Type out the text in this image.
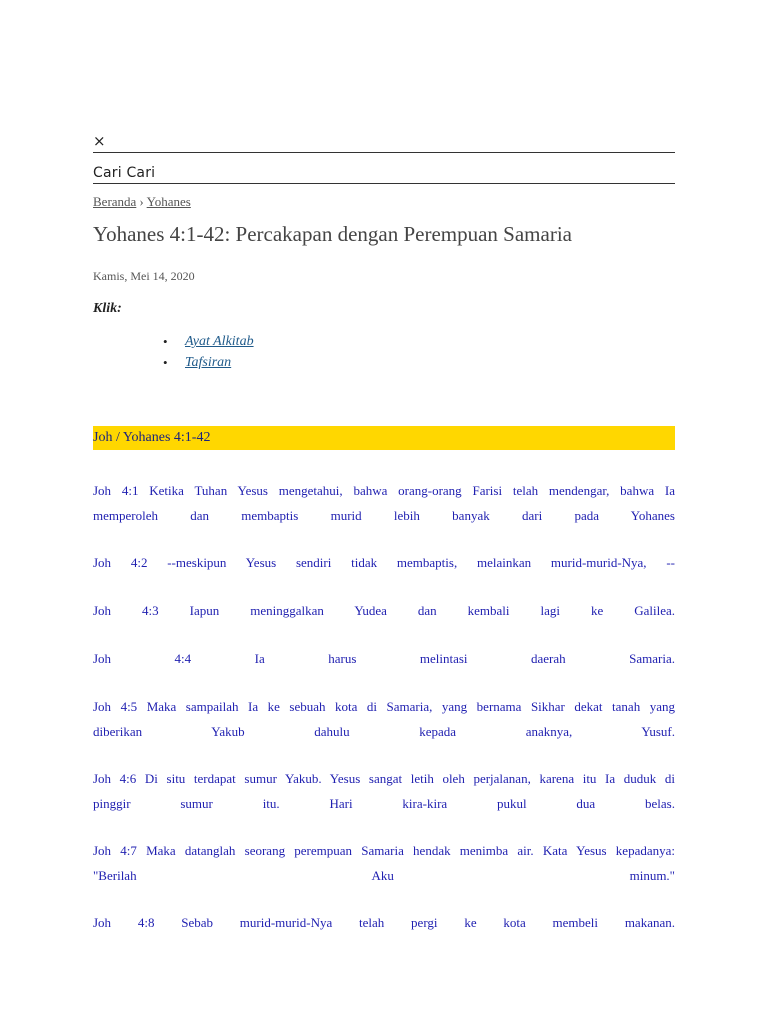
×
Cari Cari
Beranda › Yohanes
Yohanes 4:1-42: Percakapan dengan Perempuan Samaria
Kamis, Mei 14, 2020
Klik:
• Ayat Alkitab
• Tafsiran
Joh / Yohanes 4:1-42

Joh 4:1 Ketika Tuhan Yesus mengetahui, bahwa orang-orang Farisi telah mendengar, bahwa Ia
memperoleh dan membaptis murid lebih banyak dari pada Yohanes

Joh 4:2 --meskipun Yesus sendiri tidak membaptis, melainkan murid-murid-Nya, --

Joh 4:3 Iapun meninggalkan Yudea dan kembali lagi ke Galilea.

Joh 4:4 Ia harus melintasi daerah Samaria.

Joh 4:5 Maka sampailah Ia ke sebuah kota di Samaria, yang bernama Sikhar dekat tanah yang
diberikan Yakub dahulu kepada anaknya, Yusuf.

Joh 4:6 Di situ terdapat sumur Yakub. Yesus sangat letih oleh perjalanan, karena itu Ia duduk di
pinggir sumur itu. Hari kira-kira pukul dua belas.

Joh 4:7 Maka datanglah seorang perempuan Samaria hendak menimba air. Kata Yesus kepadanya:
"Berilah Aku minum."

Joh 4:8 Sebab murid-murid-Nya telah pergi ke kota membeli makanan.
